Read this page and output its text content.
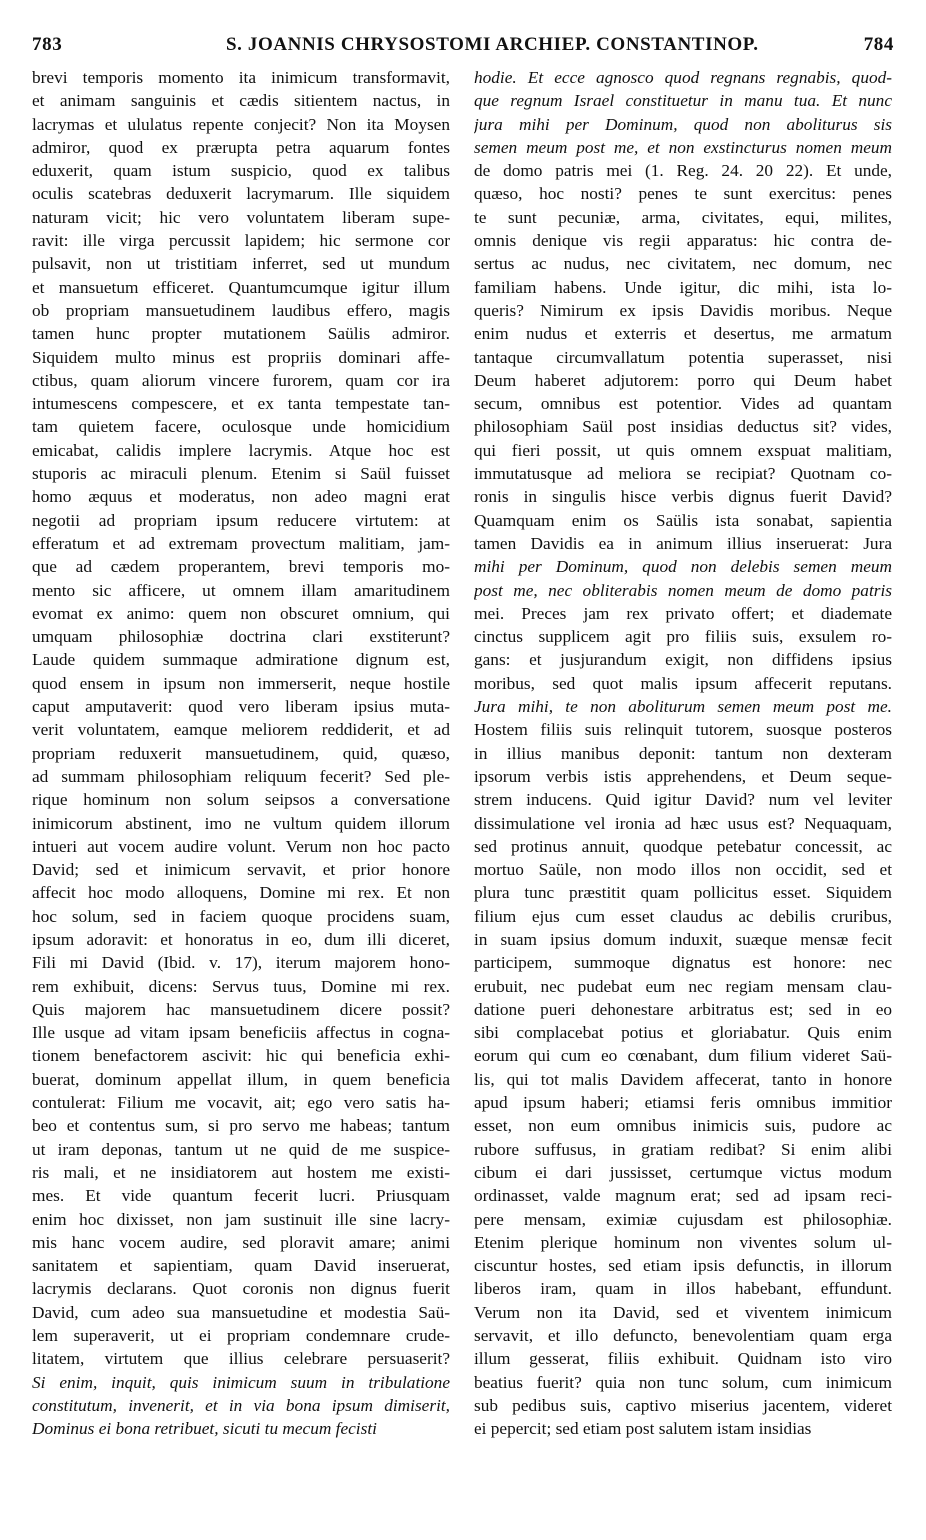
783	S. JOANNIS CHRYSOSTOMI ARCHIEP. CONSTANTINOP.	784
brevi temporis momento ita inimicum transformavit,
et animam sanguinis et cædis sitientem nactus, in
lacrymas et ululatus repente conjecit? Non ita Moysen
admiror, quod ex prærupta petra aquarum fontes
eduxerit, quam istum suspicio, quod ex talibus
oculis scatebras deduxerit lacrymarum. Ille siquidem
naturam vicit; hic vero voluntatem liberam supe-
ravit: ille virga percussit lapidem; hic sermone cor
pulsavit, non ut tristitiam inferret, sed ut mundum
et mansuetum efficeret. Quantumcumque igitur illum
ob propriam mansuetudinem laudibus efferο, magis
tamen hunc propter mutationem Saülis admiror.
Siquidem multo minus est propriis dominari affe-
ctibus, quam aliorum vincere furorem, quam cor ira
intumescens compescere, et ex tanta tempestate tan-
tam quietem facere, oculosque unde homicidium
emicabat, calidis implere lacrymis. Atque hoc est
stuporis ac miraculi plenum. Etenim si Saül fuisset
homo æquus et moderatus, non adeo magni erat
negotii ad propriam ipsum reducere virtutem: at
efferatum et ad extremam provectum malitiam, jam-
que ad cædem properantem, brevi temporis mo-
mento sic afficere, ut omnem illam amaritudinem
evomat ex animo: quem non obscuret omnium, qui
umquam philosophiæ doctrina clari exstiterunt?
Laude quidem summaque admiratione dignum est,
quod ensem in ipsum non immerserit, neque hostile
caput amputaverit: quod vero liberam ipsius muta-
verit voluntatem, eamque meliorem reddiderit, et ad
propriam reduxerit mansuetudinem, quid, quæso,
ad summam philosophiam reliquum fecerit? Sed ple-
rique hominum non solum seipsos a conversatione
inimicorum abstinent, imo ne vultum quidem illorum
intueri aut vocem audire volunt. Verum non hoc pacto
David; sed et inimicum servavit, et prior honore
affecit hoc modo alloquens, Domine mi rex. Et non
hoc solum, sed in faciem quoque procidens suam,
ipsum adoravit: et honoratus in eo, dum illi diceret,
Fili mi David (Ibid. v. 17), iterum majorem hono-
rem exhibuit, dicens: Servus tuus, Domine mi rex.
Quis majorem hac mansuetudinem dicere possit?
Ille usque ad vitam ipsam beneficiis affectus in cogna-
tionem benefactorem ascivit: hic qui beneficia exhi-
buerat, dominum appellat illum, in quem beneficia
contulerat: Filium me vocavit, ait; ego vero satis ha-
beo et contentus sum, si pro servo me habeas; tantum
ut iram deponas, tantum ut ne quid de me suspice-
ris mali, et ne insidiatorem aut hostem me existi-
mes. Et vide quantum fecerit lucri. Priusquam
enim hoc dixisset, non jam sustinuit ille sine lacry-
mis hanc vocem audire, sed ploravit amare; animi
sanitatem et sapientiam, quam David inseruerat,
lacrymis declarans. Quot coronis non dignus fuerit
David, cum adeo sua mansuetudine et modestia Saü-
lem superaverit, ut ei propriam condemnare crude-
litatem, virtutem que illius celebrare persuaserit?
Si enim, inquit, quis inimicum suum in tribulatione
constitutum, invenerit, et in via bona ipsum dimiserit,
Dominus ei bona retribuet, sicuti tu mecum fecisti
hodie. Et ecce agnosco quod regnans regnabis, quod-
que regnum Israel constituetur in manu tua. Et nunc
jura mihi per Dominum, quod non aboliturus sis
semen meum post me, et non exstincturus nomen meum
de domo patris mei (1. Reg. 24. 20 22). Et unde,
quæso, hoc nosti? penes te sunt exercitus: penes
te sunt pecuniæ, arma, civitates, equi, milites,
omnis denique vis regii apparatus: hic contra de-
sertus ac nudus, nec civitatem, nec domum, nec
familiam habens. Unde igitur, dic mihi, ista lo-
queris? Nimirum ex ipsis Davidis moribus. Neque
enim nudus et exterris et desertus, me armatum
tantaque circumvallatum potentia superasset, nisi
Deum haberet adjutorem: porro qui Deum habet
secum, omnibus est potentior. Vides ad quantam
philosophiam Saül post insidias deductus sit? vides,
qui fieri possit, ut quis omnem exspuat malitiam,
immutatusque ad meliora se recipiat? Quotnam co-
ronis in singulis hisce verbis dignus fuerit David?
Quamquam enim os Saülis ista sonabat, sapientia
tamen Davidis ea in animum illius inseruerat: Jura
mihi per Dominum, quod non delebis semen meum
post me, nec obliterabis nomen meum de domo patris
mei. Preces jam rex privato offert; et diademate
cinctus supplicem agit pro filiis suis, exsulem ro-
gans: et jusjurandum exigit, non diffidens ipsius
moribus, sed quot malis ipsum affecerit reputans.
Jura mihi, te non aboliturum semen meum post me.
Hostem filiis suis relinquit tutorem, suosque posteros
in illius manibus deponit: tantum non dexteram
ipsorum verbis istis apprehendens, et Deum seque-
strem inducens. Quid igitur David? num vel leviter
dissimulatione vel ironia ad hæc usus est? Nequaquam,
sed protinus annuit, quodque petebatur concessit, ac
mortuo Saüle, non modo illos non occidit, sed et
plura tunc præstitit quam pollicitus esset. Siquidem
filium ejus cum esset claudus ac debilis cruribus,
in suam ipsius domum induxit, suæque mensæ fecit
participem, summoque dignatus est honore: nec
erubuit, nec pudebat eum nec regiam mensam clau-
datione pueri dehonestare arbitratus est; sed in eo
sibi complacebat potius et gloriabatur. Quis enim
eorum qui cum eo cœnabant, dum filium videret Saü-
lis, qui tot malis Davidem affecerat, tanto in honore
apud ipsum haberi; etiamsi feris omnibus immitior
esset, non eum omnibus inimicis suis, pudore ac
rubore suffusus, in gratiam redibat? Si enim alibi
cibum ei dari jussisset, certumque victus modum
ordinasset, valde magnum erat; sed ad ipsam reci-
pere mensam, eximiæ cujusdam est philosophiæ.
Etenim plerique hominum non viventes solum ul-
ciscuntur hostes, sed etiam ipsis defunctis, in illorum
liberos iram, quam in illos habebant, effundunt.
Verum non ita David, sed et viventem inimicum
servavit, et illo defuncto, benevolentiam quam erga
illum gesserat, filiis exhibuit. Quidnam isto viro
beatius fuerit? quia non tunc solum, cum inimicum
sub pedibus suis, captivo miserius jacentem, videret
ei pepercit; sed etiam post salutem istam insidias
